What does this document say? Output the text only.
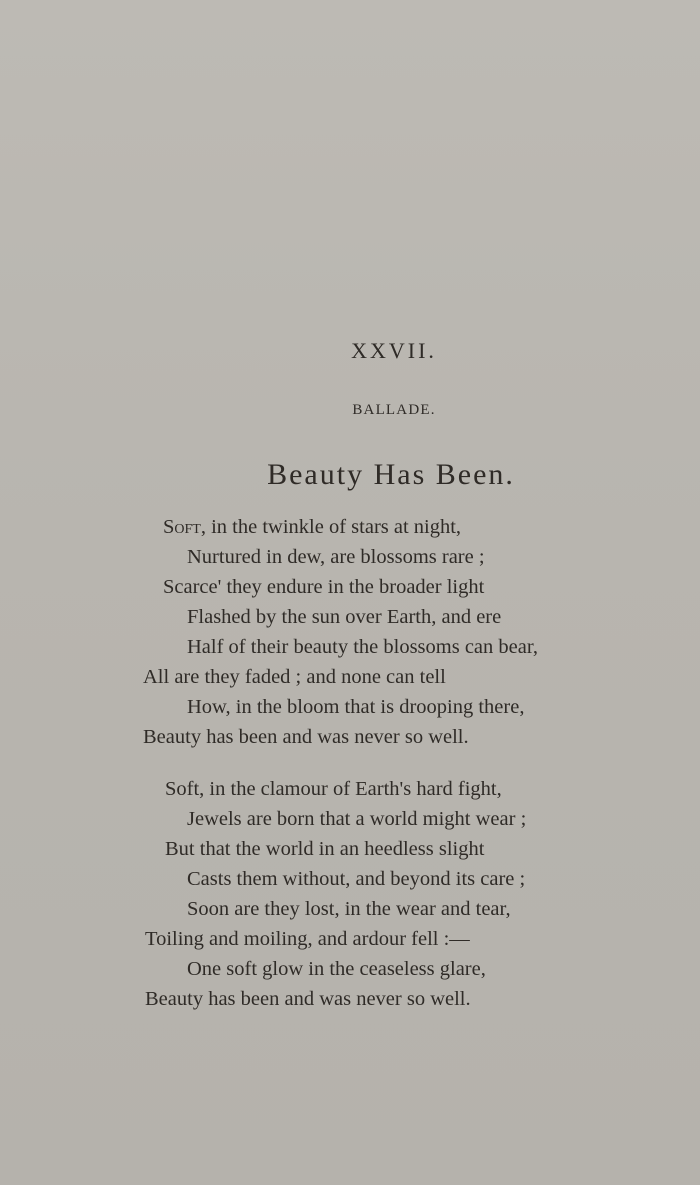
XXVII.
BALLADE.
Beauty Has Been.
Soft, in the twinkle of stars at night,
Nurtured in dew, are blossoms rare ;
Scarce' they endure in the broader light
Flashed by the sun over Earth, and ere
Half of their beauty the blossoms can bear,
All are they faded ; and none can tell
How, in the bloom that is drooping there,
Beauty has been and was never so well.
Soft, in the clamour of Earth's hard fight,
Jewels are born that a world might wear ;
But that the world in an heedless slight
Casts them without, and beyond its care ;
Soon are they lost, in the wear and tear,
Toiling and moiling, and ardour fell :—
One soft glow in the ceaseless glare,
Beauty has been and was never so well.
